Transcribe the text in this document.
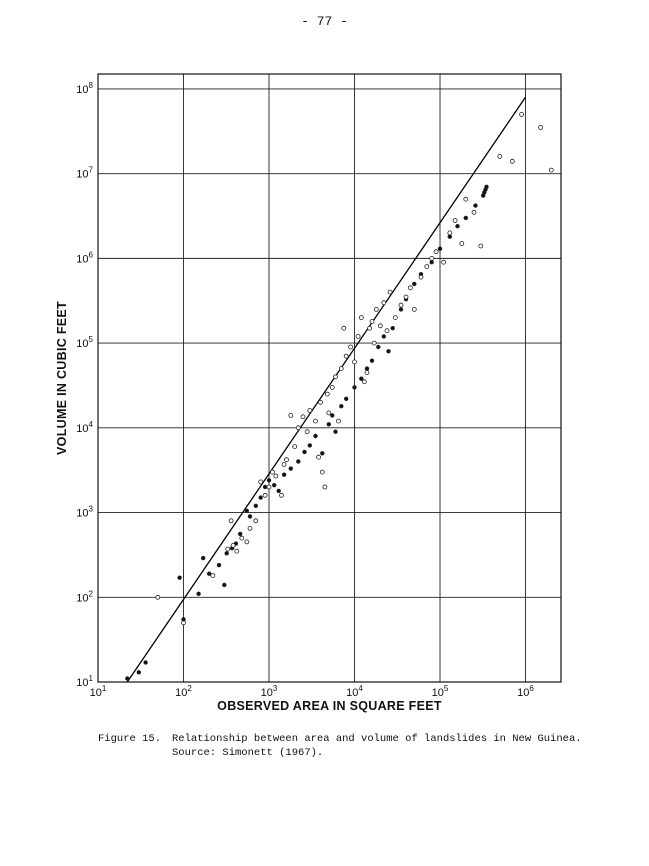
- 77 -
$10^1$	$10^2$	$10^3$	$10^4$	$10^5$	$10^6$
$10^1$
$10^2$
$10^3$
$10^4$
$10^5$
$10^6$
$10^7$
$10^8$
OBSERVED AREA IN SQUARE FEET
VOLUME IN CUBIC FEET
Figure 15. Relationship between area and volume of landslides in New Guinea.
Source: Simonett (1967).
